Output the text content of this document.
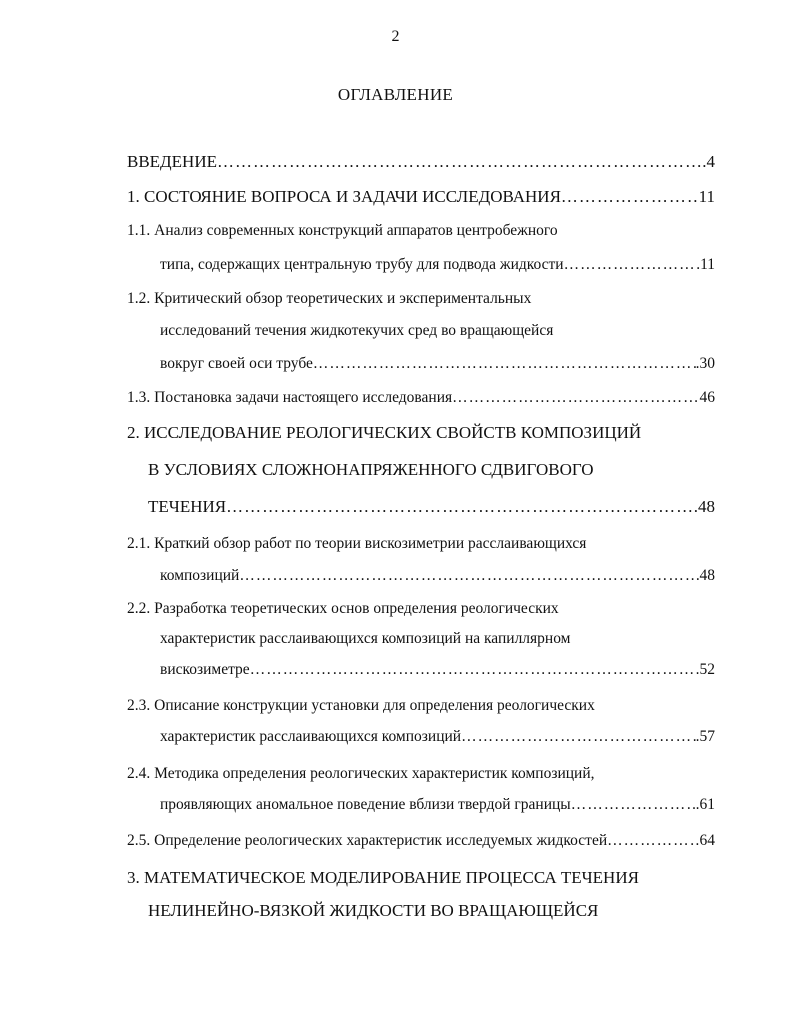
2
ОГЛАВЛЕНИЕ
ВВЕДЕНИЕ ……………………………………………………………………………………………………………………………………………………………………………………	.4
1. СОСТОЯНИЕ ВОПРОСА И ЗАДАЧИ ИССЛЕДОВАНИЯ ……………………………………………………………………………………………………………………………………………………………………………………	11
1.1. Анализ современных конструкций аппаратов центробежного
типа, содержащих центральную трубу для подвода жидкости ……………………………………………………………………………………………………………………………………………………………………………………	11
1.2. Критический обзор теоретических и экспериментальных
исследований течения жидкотекучих сред во вращающейся
вокруг своей оси трубе ……………………………………………………………………………………………………………………………………………………………………………………	.30
1.3. Постановка задачи настоящего исследования ……………………………………………………………………………………………………………………………………………………………………………………	46
2. ИССЛЕДОВАНИЕ РЕОЛОГИЧЕСКИХ СВОЙСТВ КОМПОЗИЦИЙ
В УСЛОВИЯХ СЛОЖНОНАПРЯЖЕННОГО СДВИГОВОГО
ТЕЧЕНИЯ ……………………………………………………………………………………………………………………………………………………………………………………	.48
2.1. Краткий обзор работ по теории вискозиметрии расслаивающихся
композиций ……………………………………………………………………………………………………………………………………………………………………………………	48
2.2. Разработка теоретических основ определения реологических
характеристик расслаивающихся композиций на капиллярном
вискозиметре ……………………………………………………………………………………………………………………………………………………………………………………	.52
2.3. Описание конструкции установки для определения реологических
характеристик расслаивающихся композиций ……………………………………………………………………………………………………………………………………………………………………………………	.57
2.4. Методика определения реологических характеристик композиций,
проявляющих аномальное поведение вблизи твердой границы ……………………………………………………………………………………………………………………………………………………………………………………	.61
2.5. Определение реологических характеристик исследуемых жидкостей ……………………………………………………………………………………………………………………………………………………………………………………	64
3. МАТЕМАТИЧЕСКОЕ МОДЕЛИРОВАНИЕ ПРОЦЕССА ТЕЧЕНИЯ
НЕЛИНЕЙНО-ВЯЗКОЙ ЖИДКОСТИ ВО ВРАЩАЮЩЕЙСЯ
